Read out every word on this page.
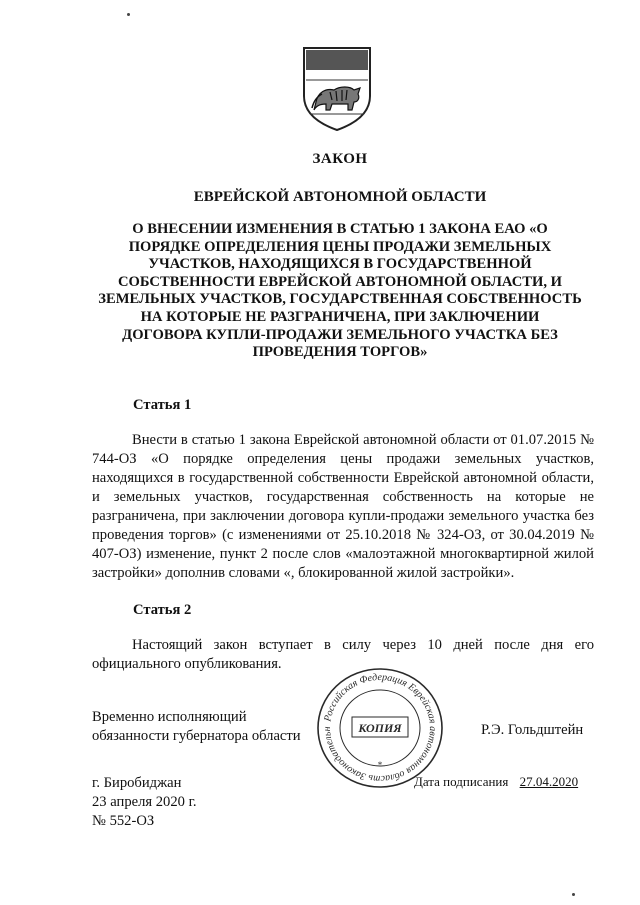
ЗАКОН
ЕВРЕЙСКОЙ АВТОНОМНОЙ ОБЛАСТИ
О ВНЕСЕНИИ ИЗМЕНЕНИЯ В СТАТЬЮ 1 ЗАКОНА ЕАО «О
ПОРЯДКЕ ОПРЕДЕЛЕНИЯ ЦЕНЫ ПРОДАЖИ ЗЕМЕЛЬНЫХ
УЧАСТКОВ, НАХОДЯЩИХСЯ В ГОСУДАРСТВЕННОЙ
СОБСТВЕННОСТИ ЕВРЕЙСКОЙ АВТОНОМНОЙ ОБЛАСТИ, И
ЗЕМЕЛЬНЫХ УЧАСТКОВ, ГОСУДАРСТВЕННАЯ СОБСТВЕННОСТЬ
НА КОТОРЫЕ НЕ РАЗГРАНИЧЕНА, ПРИ ЗАКЛЮЧЕНИИ
ДОГОВОРА КУПЛИ-ПРОДАЖИ ЗЕМЕЛЬНОГО УЧАСТКА БЕЗ
ПРОВЕДЕНИЯ ТОРГОВ»
Статья 1
Внести в статью 1 закона Еврейской автономной области от 01.07.2015 № 744-ОЗ «О порядке определения цены продажи земельных участков, находящихся в государственной собственности Еврейской автономной области, и земельных участков, государственная собственность на которые не разграничена, при заключении договора купли-продажи земельного участка без проведения торгов» (с изменениями от 25.10.2018 № 324-ОЗ, от 30.04.2019 № 407-ОЗ) изменение, пункт 2 после слов «малоэтажной многоквартирной жилой застройки» дополнив словами «, блокированной жилой застройки».
Статья 2
Настоящий закон вступает в силу через 10 дней после дня его официального опубликования.
Временно исполняющий
обязанности губернатора области	Р.Э. Гольдштейн
Российская Федерация Еврейская автономная область Законодательн	КОПИЯ
*
г. Биробиджан
23 апреля 2020 г.
№ 552-ОЗ
Дата подписания 27.04.2020
